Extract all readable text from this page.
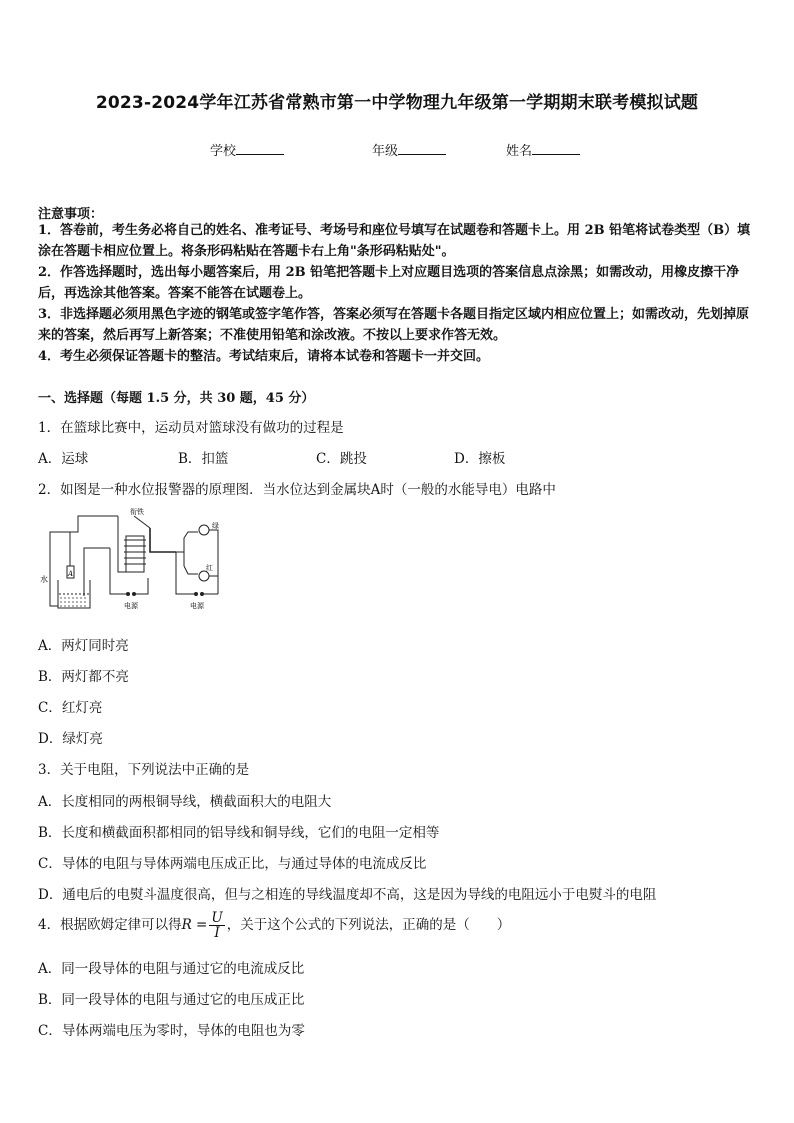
2023-2024学年江苏省常熟市第一中学物理九年级第一学期期末联考模拟试题
学校	年级	姓名
注意事项：
1．答卷前，考生务必将自己的姓名、准考证号、考场号和座位号填写在试题卷和答题卡上。用 2B 铅笔将试卷类型（B）填涂在答题卡相应位置上。将条形码粘贴在答题卡右上角"条形码粘贴处"。
2．作答选择题时，选出每小题答案后，用 2B 铅笔把答题卡上对应题目选项的答案信息点涂黑；如需改动，用橡皮擦干净后，再选涂其他答案。答案不能答在试题卷上。
3．非选择题必须用黑色字迹的钢笔或签字笔作答，答案必须写在答题卡各题目指定区域内相应位置上；如需改动，先划掉原来的答案，然后再写上新答案；不准使用铅笔和涂改液。不按以上要求作答无效。
4．考生必须保证答题卡的整洁。考试结束后，请将本试卷和答题卡一并交回。
一、选择题（每题 1.5 分，共 30 题，45 分）
1．在篮球比赛中，运动员对篮球没有做功的过程是
A．运球	B．扣篮	C．跳投	D．擦板
2．如图是一种水位报警器的原理图．当水位达到金属块A时（一般的水能导电）电路中
衔铁
水
A
绿
红
电源	电源
A．两灯同时亮
B．两灯都不亮
C．红灯亮
D．绿灯亮
3．关于电阻，下列说法中正确的是
A．长度相同的两根铜导线，横截面积大的电阻大
B．长度和横截面积都相同的铝导线和铜导线，它们的电阻一定相等
C．导体的电阻与导体两端电压成正比，与通过导体的电流成反比
D．通电后的电熨斗温度很高，但与之相连的导线温度却不高，这是因为导线的电阻远小于电熨斗的电阻
4．根据欧姆定律可以得$R = \frac{U}{I}$ ，关于这个公式的下列说法，正确的是（　　）
A．同一段导体的电阻与通过它的电流成反比
B．同一段导体的电阻与通过它的电压成正比
C．导体两端电压为零时，导体的电阻也为零
